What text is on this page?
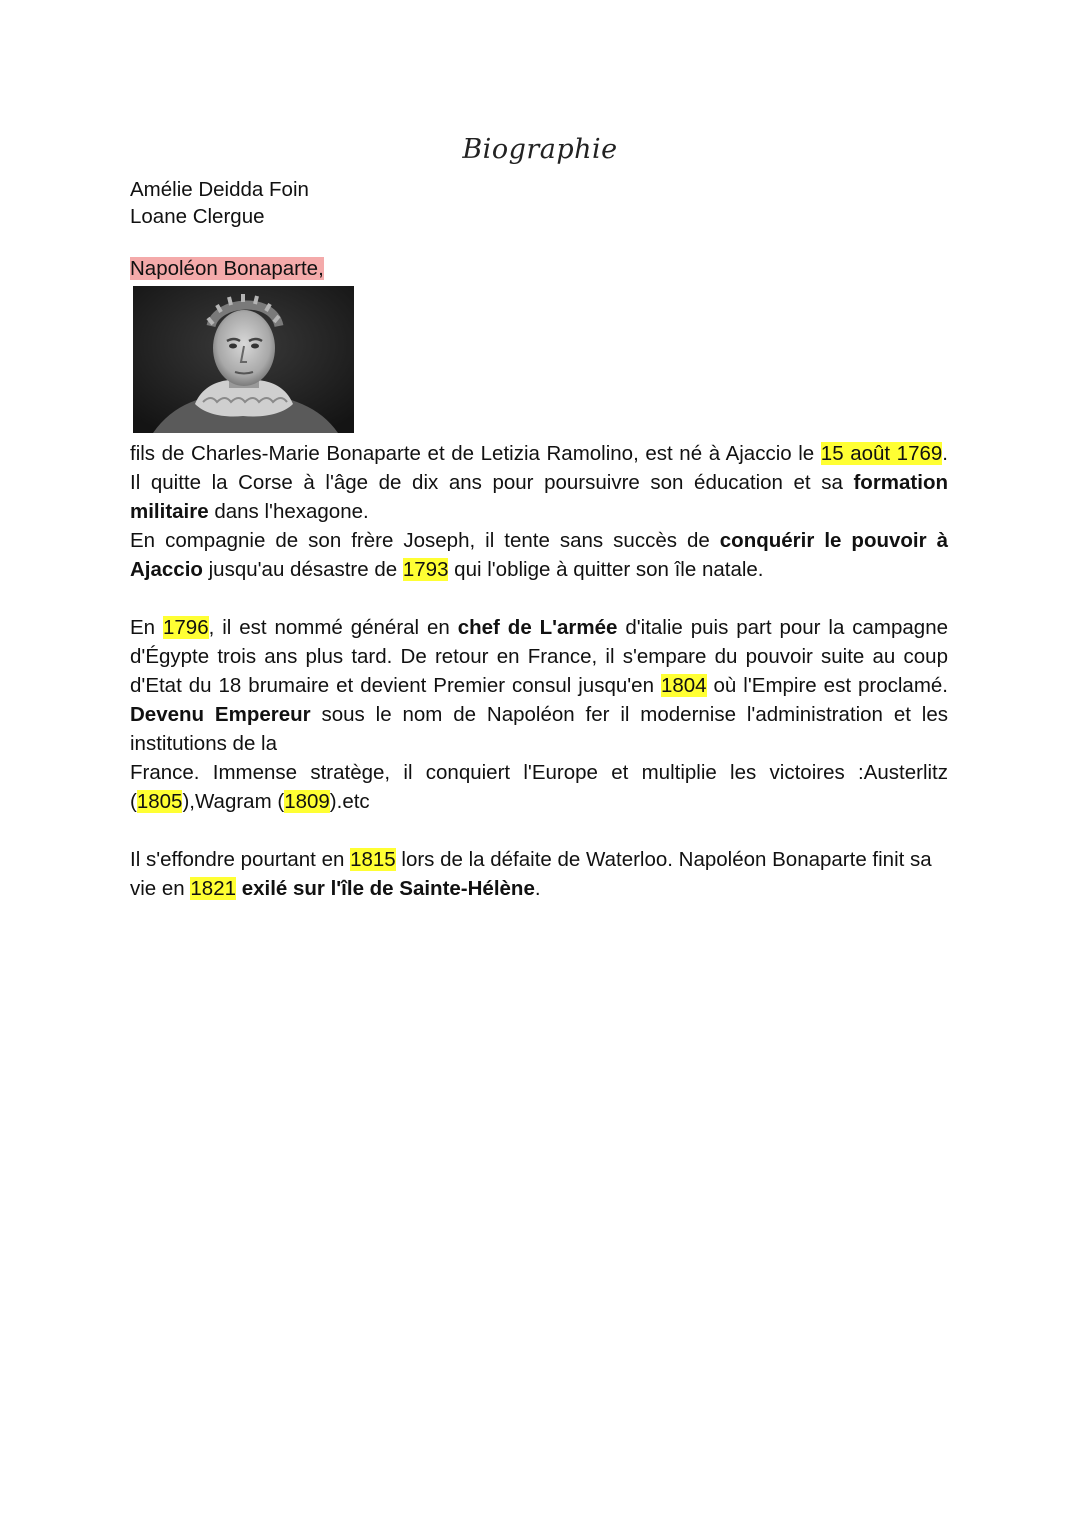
Biographie
Amélie Deidda Foin
Loane Clergue
Napoléon Bonaparte,

fils de Charles-Marie Bonaparte et de Letizia Ramolino, est né à Ajaccio le 15 août 1769. Il quitte la Corse à l'âge de dix ans pour poursuivre son éducation et sa formation militaire dans l'hexagone.

En compagnie de son frère Joseph, il tente sans succès de conquérir le pouvoir à Ajaccio jusqu'au désastre de 1793 qui l'oblige à quitter son île natale.

En 1796, il est nommé général en chef de L'armée d'italie puis part pour la campagne d'Égypte trois ans plus tard. De retour en France, il s'empare du pouvoir suite au coup d'Etat du 18 brumaire et devient Premier consul jusqu'en 1804 où l'Empire est proclamé. Devenu Empereur sous le nom de Napoléon fer il modernise l'administration et les institutions de la

France. Immense stratège, il conquiert l'Europe et multiplie les victoires :Austerlitz (1805),Wagram (1809).etc

Il s'effondre pourtant en 1815 lors de la défaite de Waterloo. Napoléon Bonaparte finit sa vie en 1821 exilé sur l'île de Sainte-Hélène.
